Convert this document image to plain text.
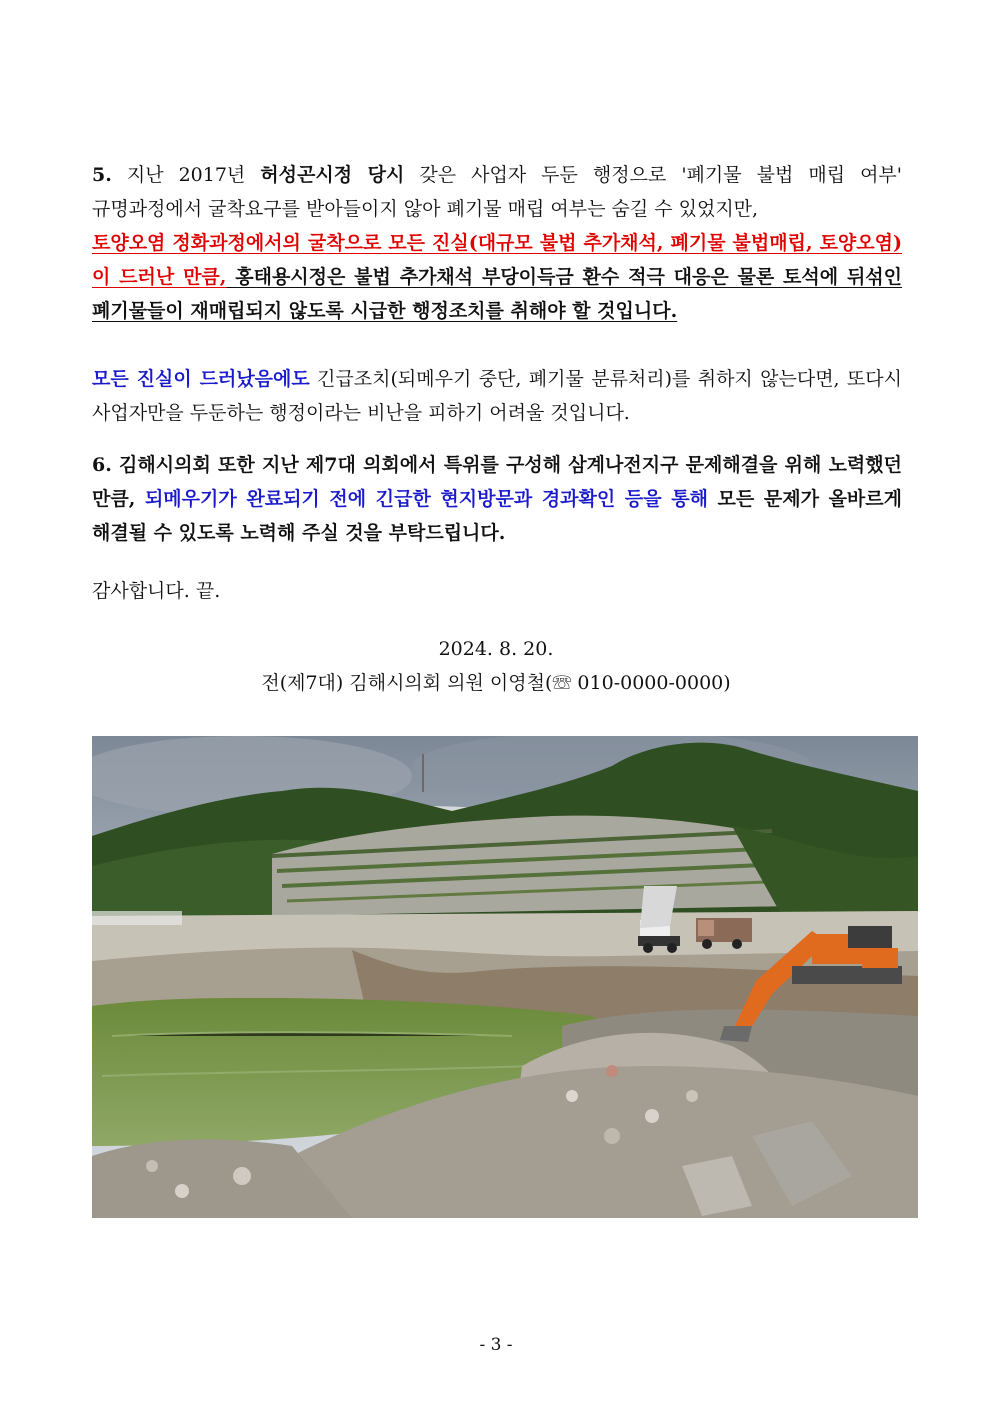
5. 지난 2017년 허성곤시정 당시 갖은 사업자 두둔 행정으로 '폐기물 불법 매립 여부' 규명과정에서 굴착요구를 받아들이지 않아 폐기물 매립 여부는 숨길 수 있었지만,
토양오염 정화과정에서의 굴착으로 모든 진실(대규모 불법 추가채석, 폐기물 불법매립, 토양오염)이 드러난 만큼, 홍태용시정은 불법 추가채석 부당이득금 환수 적극 대응은 물론 토석에 뒤섞인 폐기물들이 재매립되지 않도록 시급한 행정조치를 취해야 할 것입니다.
모든 진실이 드러났음에도 긴급조치(되메우기 중단, 폐기물 분류처리)를 취하지 않는다면, 또다시 사업자만을 두둔하는 행정이라는 비난을 피하기 어려울 것입니다.
6. 김해시의회 또한 지난 제7대 의회에서 특위를 구성해 삼계나전지구 문제해결을 위해 노력했던 만큼, 되메우기가 완료되기 전에 긴급한 현지방문과 경과확인 등을 통해 모든 문제가 올바르게 해결될 수 있도록 노력해 주실 것을 부탁드립니다.
감사합니다. 끝.
2024. 8. 20.
전(제7대) 김해시의회 의원 이영철(☏ 010-0000-0000)
- 3 -
